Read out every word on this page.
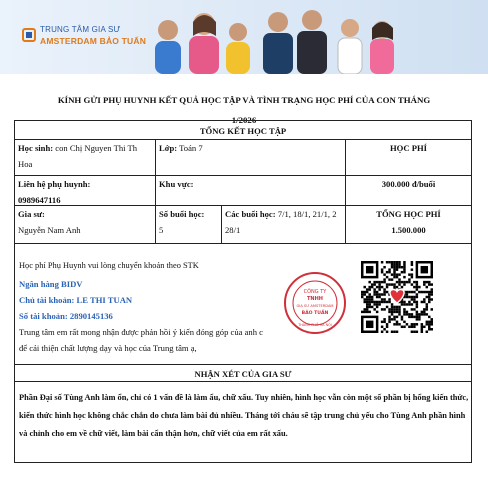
TRUNG TÂM GIA SƯ
AMSTERDAM BẢO TUẤN
KÍNH GỬI PHỤ HUYNH KẾT QUẢ HỌC TẬP VÀ TÌNH TRẠNG HỌC PHÍ CỦA CON THÁNG
1/2026
TỔNG KẾT HỌC TẬP
Học sinh: con Chị Nguyen Thi Th
Hoa
Lớp: Toán 7	HỌC PHÍ
Liên hệ phụ huynh:
0989647116
Khu vực:	300.000 đ/buổi
Gia sư:
Nguyễn Nam Anh
Số buổi học:
5
Các buổi học: 7/1, 18/1, 21/1, 2
28/1
TỔNG HỌC PHÍ
1.500.000
Học phí Phụ Huynh vui lòng chuyển khoản theo STK
Ngân hàng BIDV
Chủ tài khoản: LE THI TUAN
Số tài khoản: 2890145136
Trung tâm em rất mong nhận được phản hồi ý kiến đóng góp của anh c
để cải thiện chất lượng dạy và học của Trung tâm ạ,
CÔNG TY
TNHH
GIA SƯ AMSTERDAM
BẢO TUẤN
THÀNH PHỐ HÀ NỘI
NHẬN XÉT CỦA GIA SƯ
Phần Đại số Tùng Anh làm ổn, chỉ có 1 vấn đề là làm ẩu, chữ xấu. Tuy nhiên, hình học vẫn còn một số phần bị hổng kiến thức, kiến thức hình học không chắc chắn do chưa làm bài đủ nhiều. Tháng tới cháu sẽ tập trung chủ yếu cho Tùng Anh phần hình và chỉnh cho em về chữ viết, làm bài cẩn thận hơn, chữ viết của em rất xấu.
